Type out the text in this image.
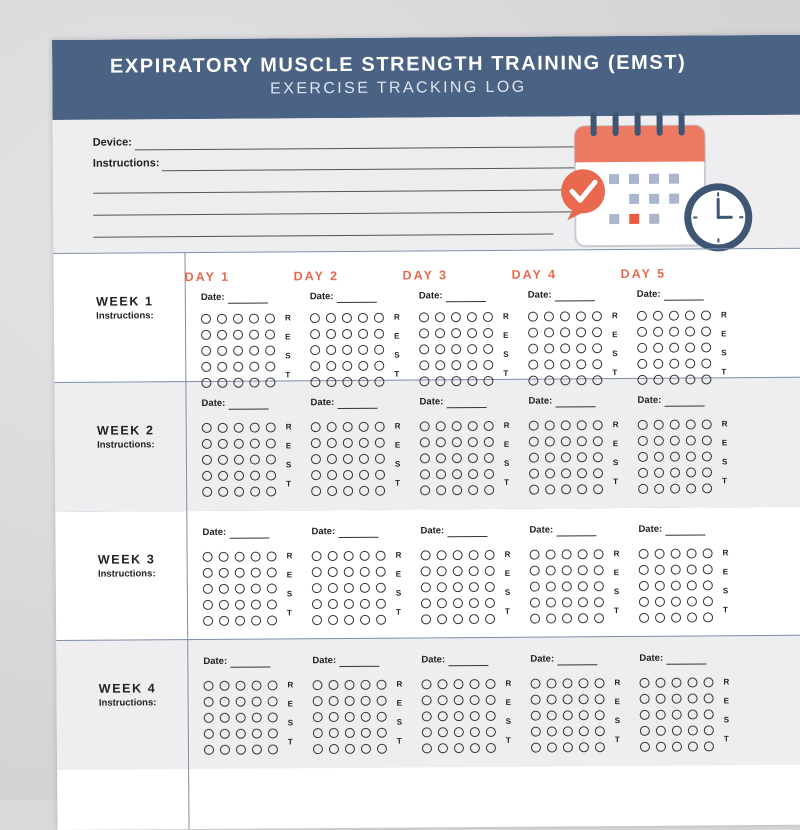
EXPIRATORY MUSCLE STRENGTH TRAINING (EMST)
EXERCISE TRACKING LOG
Device:
Instructions:
WEEK 1
Instructions:
DAY 1
Date:
R
E
S
T
DAY 2
Date:
R
E
S
T
DAY 3
Date:
R
E
S
T
DAY 4
Date:
R
E
S
T
DAY 5
Date:
R
E
S
T
WEEK 2
Instructions:
Date:
R
E
S
T
Date:
R
E
S
T
Date:
R
E
S
T
Date:
R
E
S
T
Date:
R
E
S
T
WEEK 3
Instructions:
Date:
R
E
S
T
Date:
R
E
S
T
Date:
R
E
S
T
Date:
R
E
S
T
Date:
R
E
S
T
WEEK 4
Instructions:
Date:
R
E
S
T
Date:
R
E
S
T
Date:
R
E
S
T
Date:
R
E
S
T
Date:
R
E
S
T
